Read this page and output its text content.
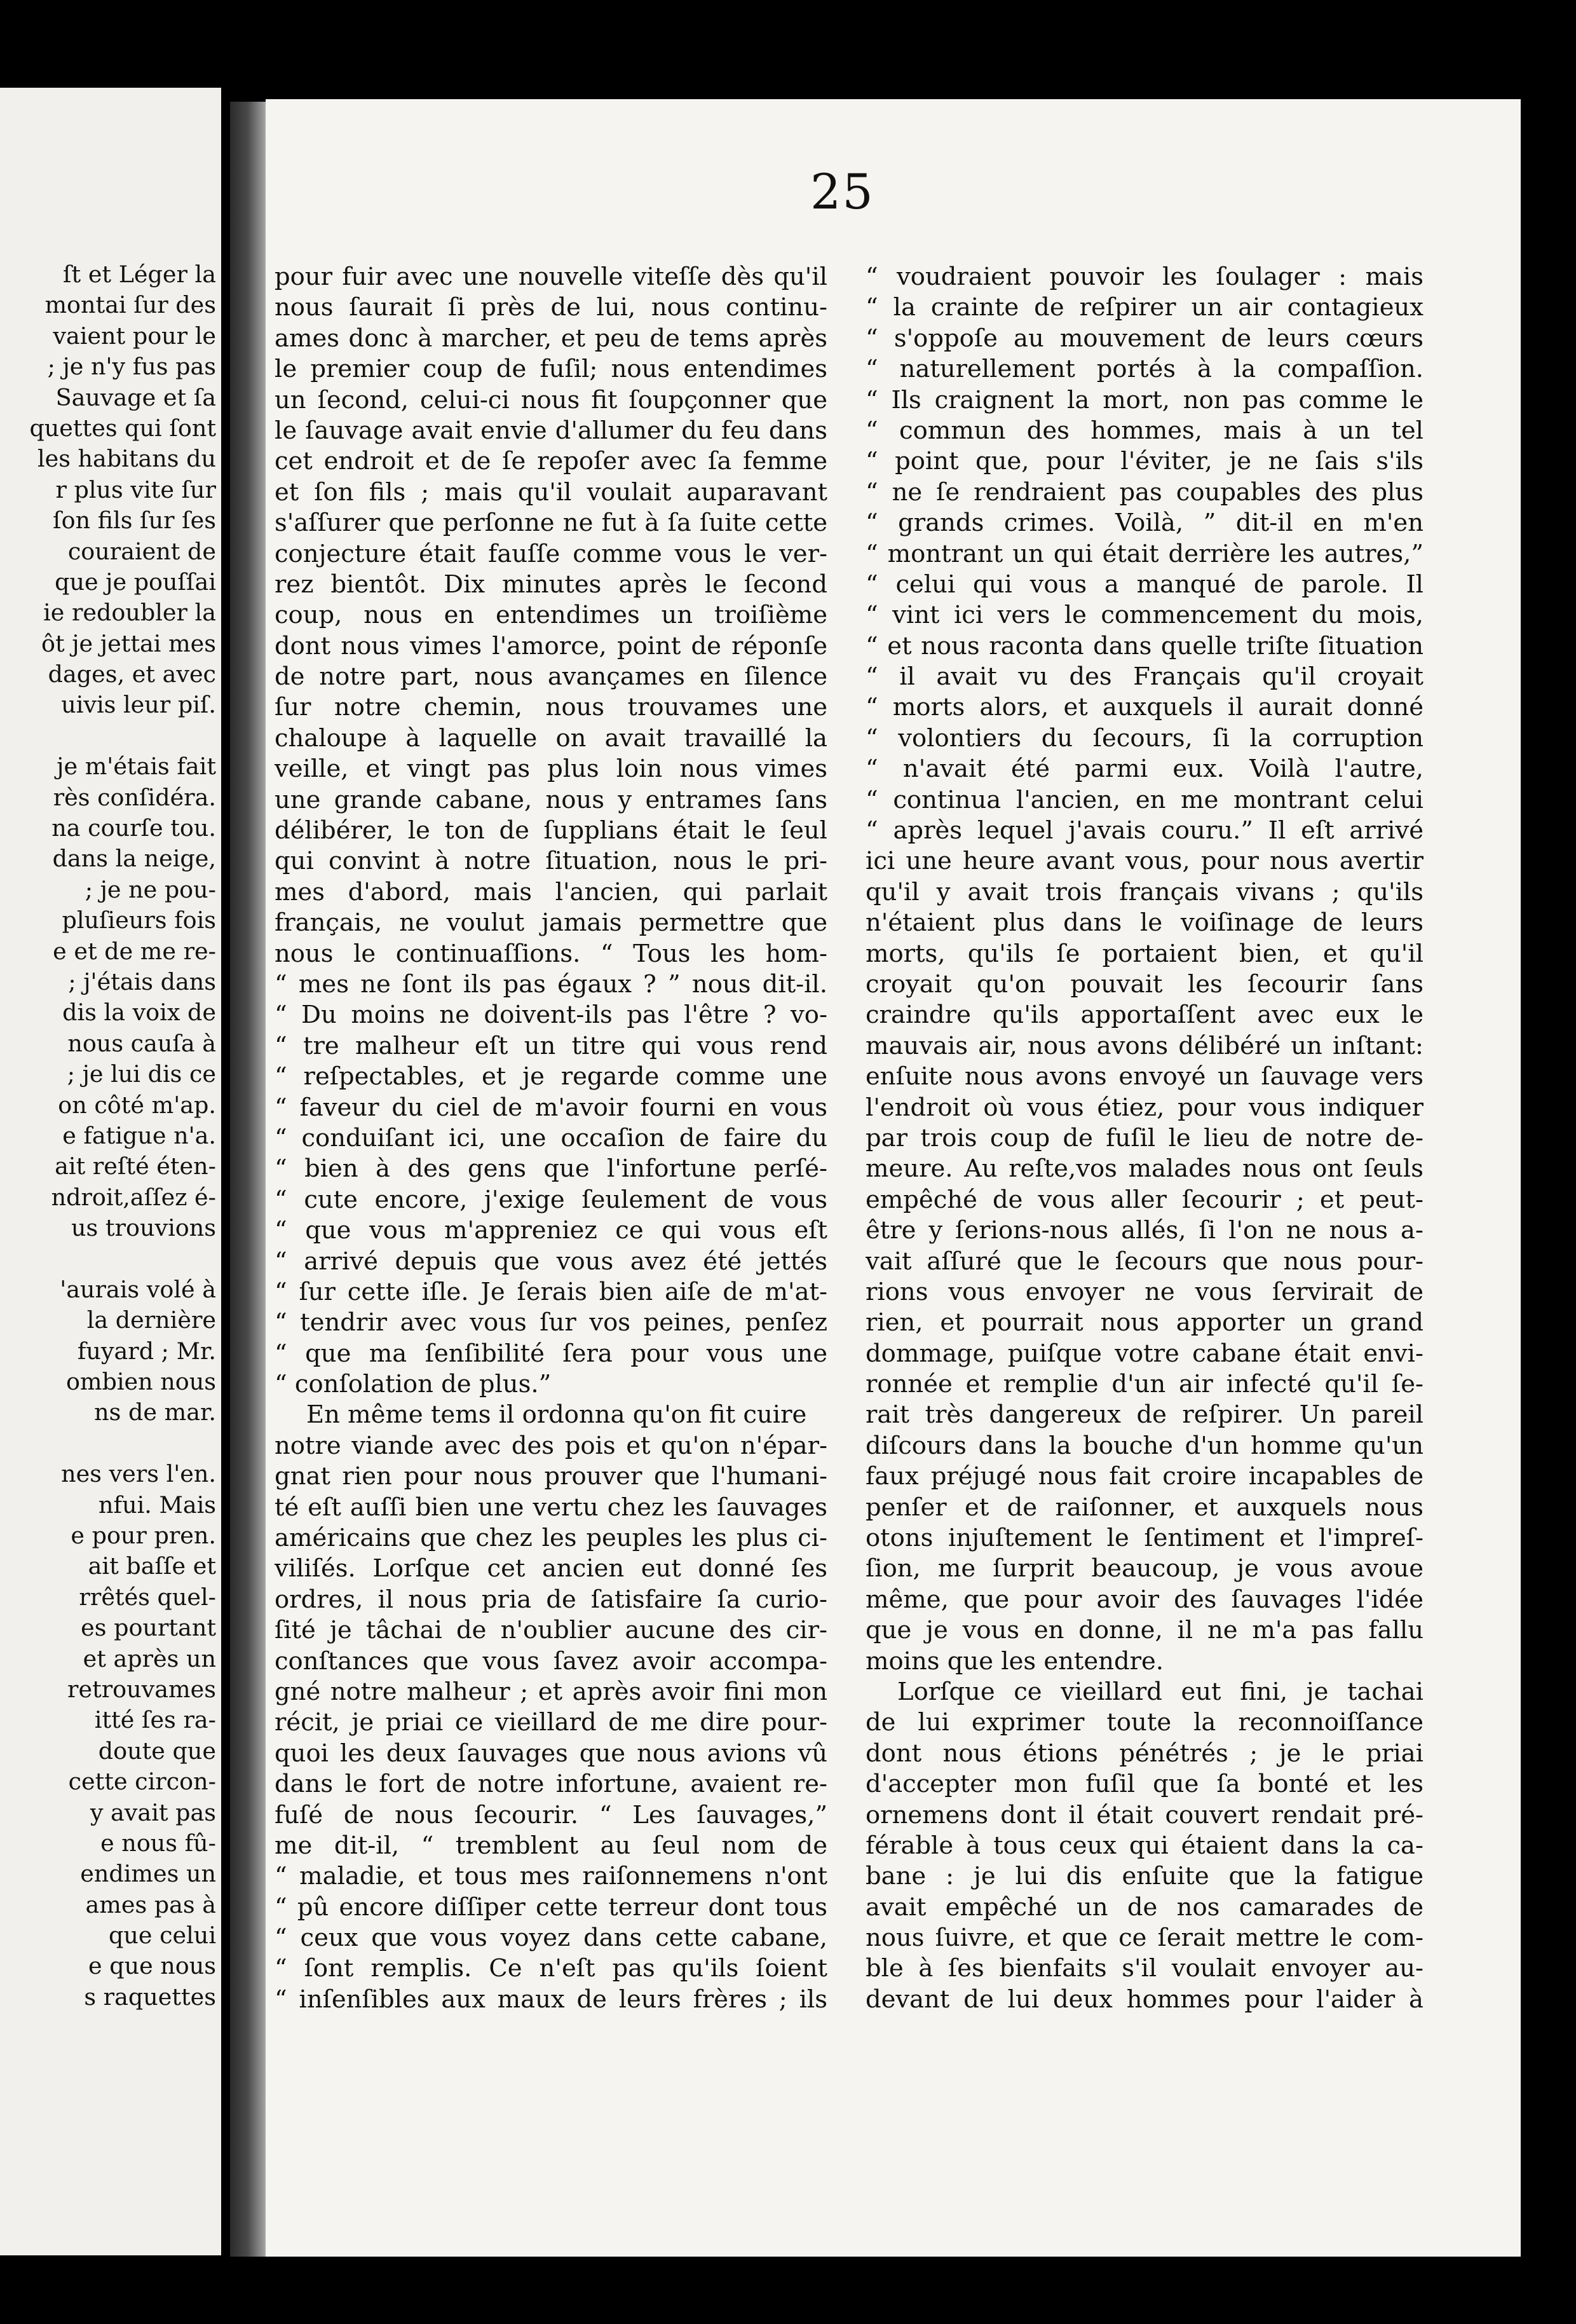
ſt et Léger la
montai ſur des
vaient pour le
; je n'y fus pas
Sauvage et ſa
quettes qui ſont
les habitans du
r plus vite ſur
ſon fils ſur ſes
couraient de
que je pouſſai
ie redoubler la
ôt je jettai mes
dages, et avec
uivis leur piſ.
je m'étais fait
rès conſidéra.
na courſe tou.
dans la neige,
; je ne pou-
pluſieurs fois
e et de me re-
; j'étais dans
dis la voix de
nous cauſa à
; je lui dis ce
on côté m'ap.
e fatigue n'a.
ait reſté éten-
ndroit,aſſez é-
us trouvions
'aurais volé à
la dernière
fuyard ; Mr.
ombien nous
ns de mar.
nes vers l'en.
nfui. Mais
e pour pren.
ait baſſe et
rrêtés quel-
es pourtant
et après un
retrouvames
itté ſes ra-
doute que
cette circon-
y avait pas
e nous fû-
endimes un
ames pas à
que celui
e que nous
s raquettes
25
pour fuir avec une nouvelle viteſſe dès qu'il
nous ſaurait ſi près de lui, nous continu-
ames donc à marcher, et peu de tems après
le premier coup de fuſil; nous entendimes
un ſecond, celui-ci nous fit ſoupçonner que
le ſauvage avait envie d'allumer du feu dans
cet endroit et de ſe repoſer avec ſa femme
et ſon fils ; mais qu'il voulait auparavant
s'aſſurer que perſonne ne fut à ſa ſuite cette
conjecture était fauſſe comme vous le ver-
rez bientôt. Dix minutes après le ſecond
coup, nous en entendimes un troiſième
dont nous vimes l'amorce, point de réponſe
de notre part, nous avançames en ſilence
ſur notre chemin, nous trouvames une
chaloupe à laquelle on avait travaillé la
veille, et vingt pas plus loin nous vimes
une grande cabane, nous y entrames ſans
délibérer, le ton de ſupplians était le ſeul
qui convint à notre ſituation, nous le pri-
mes d'abord, mais l'ancien, qui parlait
français, ne voulut jamais permettre que
nous le continuaſſions. “ Tous les hom-
“ mes ne ſont ils pas égaux ? ” nous dit-il.
“ Du moins ne doivent-ils pas l'être ? vo-
“ tre malheur eſt un titre qui vous rend
“ reſpectables, et je regarde comme une
“ faveur du ciel de m'avoir fourni en vous
“ conduiſant ici, une occaſion de faire du
“ bien à des gens que l'infortune perſé-
“ cute encore, j'exige ſeulement de vous
“ que vous m'appreniez ce qui vous eſt
“ arrivé depuis que vous avez été jettés
“ ſur cette iſle. Je ſerais bien aiſe de m'at-
“ tendrir avec vous ſur vos peines, penſez
“ que ma ſenſibilité ſera pour vous une
“ conſolation de plus.”
En même tems il ordonna qu'on fit cuire
notre viande avec des pois et qu'on n'épar-
gnat rien pour nous prouver que l'humani-
té eſt auſſi bien une vertu chez les ſauvages
américains que chez les peuples les plus ci-
viliſés. Lorſque cet ancien eut donné ſes
ordres, il nous pria de ſatisfaire ſa curio-
ſité je tâchai de n'oublier aucune des cir-
conſtances que vous ſavez avoir accompa-
gné notre malheur ; et après avoir fini mon
récit, je priai ce vieillard de me dire pour-
quoi les deux ſauvages que nous avions vû
dans le fort de notre infortune, avaient re-
fuſé de nous ſecourir. “ Les ſauvages,”
me dit-il, “ tremblent au ſeul nom de
“ maladie, et tous mes raiſonnemens n'ont
“ pû encore diſſiper cette terreur dont tous
“ ceux que vous voyez dans cette cabane,
“ ſont remplis. Ce n'eſt pas qu'ils ſoient
“ inſenſibles aux maux de leurs frères ; ils
“ voudraient pouvoir les ſoulager : mais
“ la crainte de reſpirer un air contagieux
“ s'oppoſe au mouvement de leurs cœurs
“ naturellement portés à la compaſſion.
“ Ils craignent la mort, non pas comme le
“ commun des hommes, mais à un tel
“ point que, pour l'éviter, je ne ſais s'ils
“ ne ſe rendraient pas coupables des plus
“ grands crimes. Voilà, ” dit-il en m'en
“ montrant un qui était derrière les autres,”
“ celui qui vous a manqué de parole. Il
“ vint ici vers le commencement du mois,
“ et nous raconta dans quelle triſte ſituation
“ il avait vu des Français qu'il croyait
“ morts alors, et auxquels il aurait donné
“ volontiers du ſecours, ſi la corruption
“ n'avait été parmi eux. Voilà l'autre,
“ continua l'ancien, en me montrant celui
“ après lequel j'avais couru.” Il eſt arrivé
ici une heure avant vous, pour nous avertir
qu'il y avait trois français vivans ; qu'ils
n'étaient plus dans le voiſinage de leurs
morts, qu'ils ſe portaient bien, et qu'il
croyait qu'on pouvait les ſecourir ſans
craindre qu'ils apportaſſent avec eux le
mauvais air, nous avons délibéré un inſtant:
enſuite nous avons envoyé un ſauvage vers
l'endroit où vous étiez, pour vous indiquer
par trois coup de fuſil le lieu de notre de-
meure. Au reſte,vos malades nous ont ſeuls
empêché de vous aller ſecourir ; et peut-
être y ſerions-nous allés, ſi l'on ne nous a-
vait aſſuré que le ſecours que nous pour-
rions vous envoyer ne vous ſervirait de
rien, et pourrait nous apporter un grand
dommage, puiſque votre cabane était envi-
ronnée et remplie d'un air infecté qu'il ſe-
rait très dangereux de reſpirer. Un pareil
diſcours dans la bouche d'un homme qu'un
faux préjugé nous fait croire incapables de
penſer et de raiſonner, et auxquels nous
otons injuſtement le ſentiment et l'impreſ-
ſion, me ſurprit beaucoup, je vous avoue
même, que pour avoir des ſauvages l'idée
que je vous en donne, il ne m'a pas fallu
moins que les entendre.
Lorſque ce vieillard eut fini, je tachai
de lui exprimer toute la reconnoiſſance
dont nous étions pénétrés ; je le priai
d'accepter mon fuſil que ſa bonté et les
ornemens dont il était couvert rendait pré-
férable à tous ceux qui étaient dans la ca-
bane : je lui dis enſuite que la fatigue
avait empêché un de nos camarades de
nous ſuivre, et que ce ſerait mettre le com-
ble à ſes bienfaits s'il voulait envoyer au-
devant de lui deux hommes pour l'aider à
